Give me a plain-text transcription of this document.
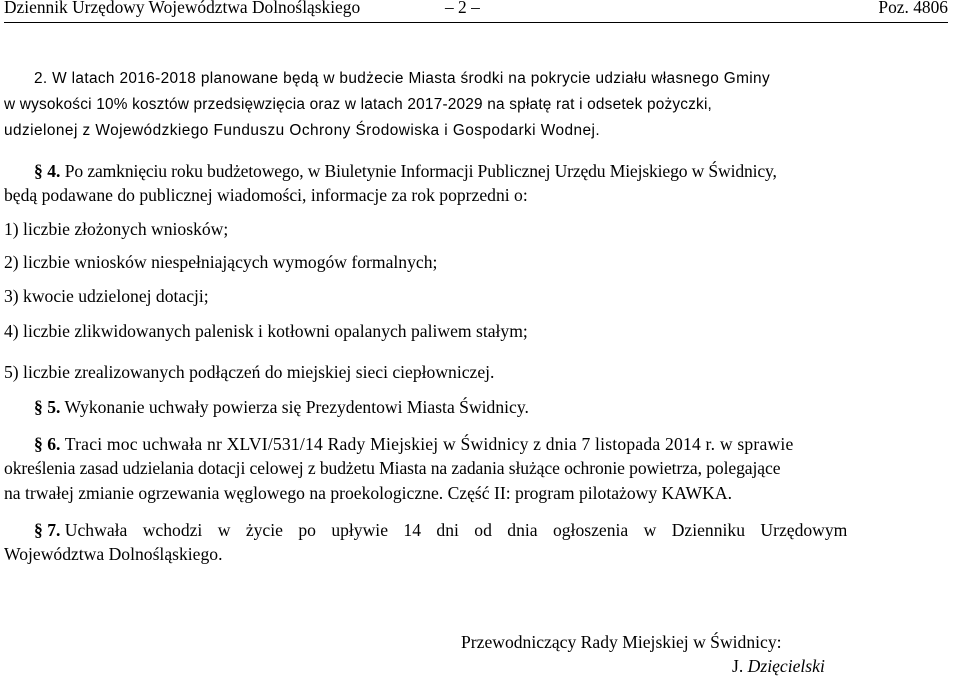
Dziennik Urzędowy Województwa Dolnośląskiego	– 2 –	Poz. 4806
2. W latach 2016-2018 planowane będą w budżecie Miasta środki na pokrycie udziału własnego Gminy
w wysokości 10% kosztów przedsięwzięcia oraz w latach 2017-2029 na spłatę rat i odsetek pożyczki,
udzielonej z Wojewódzkiego Funduszu Ochrony Środowiska i Gospodarki Wodnej.
§ 4. Po zamknięciu roku budżetowego, w Biuletynie Informacji Publicznej Urzędu Miejskiego w Świdnicy,
będą podawane do publicznej wiadomości, informacje za rok poprzedni o:
1) liczbie złożonych wniosków;
2) liczbie wniosków niespełniających wymogów formalnych;
3) kwocie udzielonej dotacji;
4) liczbie zlikwidowanych palenisk i kotłowni opalanych paliwem stałym;
5) liczbie zrealizowanych podłączeń do miejskiej sieci ciepłowniczej.
§ 5. Wykonanie uchwały powierza się Prezydentowi Miasta Świdnicy.
§ 6. Traci moc uchwała nr XLVI/531/14 Rady Miejskiej w Świdnicy z dnia 7 listopada 2014 r. w sprawie
określenia zasad udzielania dotacji celowej z budżetu Miasta na zadania służące ochronie powietrza, polegające
na trwałej zmianie ogrzewania węglowego na proekologiczne. Część II: program pilotażowy KAWKA.
§ 7. Uchwała wchodzi w życie po upływie 14 dni od dnia ogłoszenia w Dzienniku Urzędowym
Województwa Dolnośląskiego.
Przewodniczący Rady Miejskiej w Świdnicy:
J. Dzięcielski
